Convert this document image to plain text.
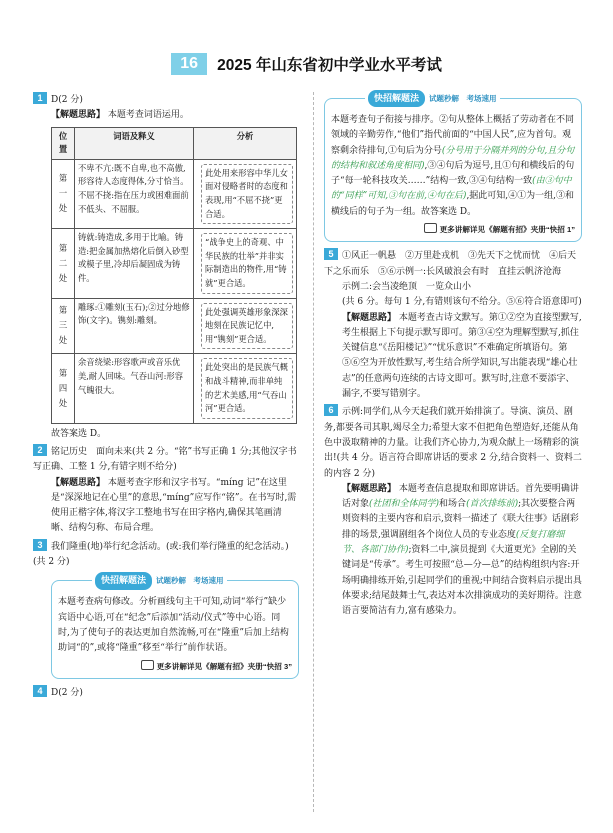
16	2025 年山东省初中学业水平考试

1 D(2 分)

【解题思路】 本题考查词语运用。

位置	词语及释义	分析

第
一
处	不卑不亢:既不自卑,也不高傲,形容待人态度得体,分寸恰当。不屈不挠:指在压力或困难面前不低头、不屈服。	此处用来形容中华儿女面对侵略者时的态度和表现,用“不屈不挠”更合适。

第
二
处	铸就:铸造成,多用于比喻。铸造:把金属加热熔化后倒入砂型或模子里,冷却后凝固成为铸件。	“战争史上的奇观、中华民族的壮举”并非实际制造出的物件,用“铸就”更合适。

第
三
处	雕琢:①雕刻(玉石);②过分地修饰(文字)。镌刻:雕刻。	此处强调英雄形象深深地刻在民族记忆中,用“镌刻”更合适。

第
四
处	余音绕梁:形容歌声或音乐优美,耐人回味。气吞山河:形容气魄很大。	此处突出的是民族气概和战斗精神,而非单纯的艺术美感,用“气吞山河”更合适。

故答案选 D。

2 铭记历史　面向未来(共 2 分。“铭”书写正确 1 分;其他汉字书写正确、工整 1 分,有错字则不给分)

【解题思路】 本题考查字形和汉字书写。“míng 记”在这里是“深深地记在心里”的意思,“míng”应写作“铭”。在书写时,需使用正楷字体,将汉字工整地书写在田字格内,确保其笔画清晰、结构匀称、布局合理。

3 我们隆重(地)举行纪念活动。(或:我们举行隆重的纪念活动。)(共 2 分)

快招解题法	试题秒解　考场速用
本题考查病句修改。分析画线句主干可知,动词“举行”缺少宾语中心语,可在“纪念”后添加“活动/仪式”等中心语。同时,为了使句子的表达更加自然流畅,可在“隆重”后加上结构助词“的”,或将“隆重”移至“举行”前作状语。
更多讲解详见《解题有招》夹册“快招 3”

4 D(2 分)

快招解题法	试题秒解　考场速用
本题考查句子衔接与排序。②句从整体上概括了劳动者在不同领域的辛勤劳作,“他们”指代前面的“中国人民”,应为首句。观察剩余待排句,①句后为分号(分号用于分隔并列的分句,且分句的结构和叙述角度相同),③④句后为逗号,且①句和横线后的句子“每一轮科技攻关……”结构一致,③④句结构一致(由③句中的“同样”可知,③句在前,④句在后),据此可知,④①为一组,③和横线后的句子为一组。故答案选 D。
更多讲解详见《解题有招》夹册“快招 1”

5 ①风正一帆悬　②万里赴戎机　③先天下之忧而忧　④后天下之乐而乐　⑤⑥示例一:长风破浪会有时　直挂云帆济沧海

示例二:会当凌绝顶　一览众山小

(共 6 分。每句 1 分,有错则该句不给分。⑤⑥符合语意即可)

【解题思路】 本题考查古诗文默写。第①②空为直接型默写,考生根据上下句提示默写即可。第③④空为理解型默写,抓住关键信息“《岳阳楼记》”“忧乐意识”不难确定所填语句。第⑤⑥空为开放性默写,考生结合所学知识,写出能表现“雄心壮志”的任意两句连续的古诗文即可。默写时,注意不要添字、漏字,不要写错别字。

6 示例:同学们,从今天起我们就开始排演了。导演、演员、剧务,都要各司其职,竭尽全力;希望大家不但把角色塑造好,还能从角色中汲取精神的力量。让我们齐心协力,为观众献上一场精彩的演出!(共 4 分。语言符合即席讲话的要求 2 分,结合资料一、资料二的内容 2 分)

【解题思路】 本题考查信息提取和即席讲话。首先要明确讲话对象(社团和全体同学)和场合(首次排练前);其次要整合两则资料的主要内容和启示,资料一描述了《联大往事》话剧彩排的场景,强调剧组各个岗位人员的专业态度(反复打磨细节、各部门协作);资料二中,演员提到《大道更光》全剧的关键词是“传承”。考生可按照“总—分—总”的结构组织内容:开场明确排练开始,引起同学们的重视;中间结合资料启示提出具体要求;结尾鼓舞士气,表达对本次排演成功的美好期待。注意语言要简洁有力,富有感染力。
